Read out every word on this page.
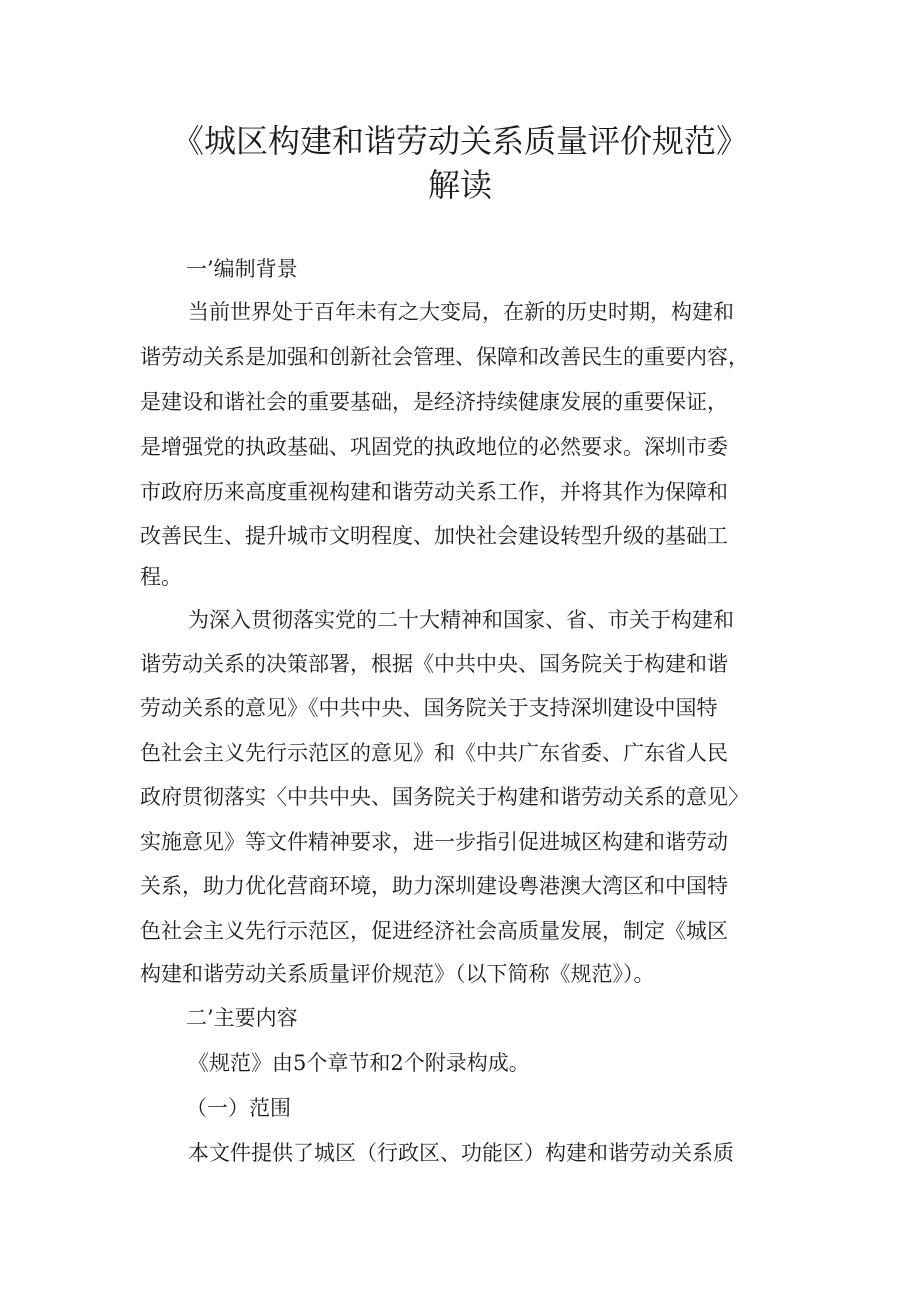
《城区构建和谐劳动关系质量评价规范》
解读
一’编制背景
当前世界处于百年未有之大变局，在新的历史时期，构建和
谐劳动关系是加强和创新社会管理、保障和改善民生的重要内容，
是建设和谐社会的重要基础，是经济持续健康发展的重要保证，
是增强党的执政基础、巩固党的执政地位的必然要求。深圳市委
市政府历来高度重视构建和谐劳动关系工作，并将其作为保障和
改善民生、提升城市文明程度、加快社会建设转型升级的基础工
程。
为深入贯彻落实党的二十大精神和国家、省、市关于构建和
谐劳动关系的决策部署，根据《中共中央、国务院关于构建和谐
劳动关系的意见》《中共中央、国务院关于支持深圳建设中国特
色社会主义先行示范区的意见》和《中共广东省委、广东省人民
政府贯彻落实〈中共中央、国务院关于构建和谐劳动关系的意见〉
实施意见》等文件精神要求，进一步指引促进城区构建和谐劳动
关系，助力优化营商环境，助力深圳建设粤港澳大湾区和中国特
色社会主义先行示范区，促进经济社会高质量发展，制定《城区
构建和谐劳动关系质量评价规范》（以下简称《规范》）。
二’主要内容
《规范》由5个章节和2个附录构成。
（一）范围
本文件提供了城区（行政区、功能区）构建和谐劳动关系质
